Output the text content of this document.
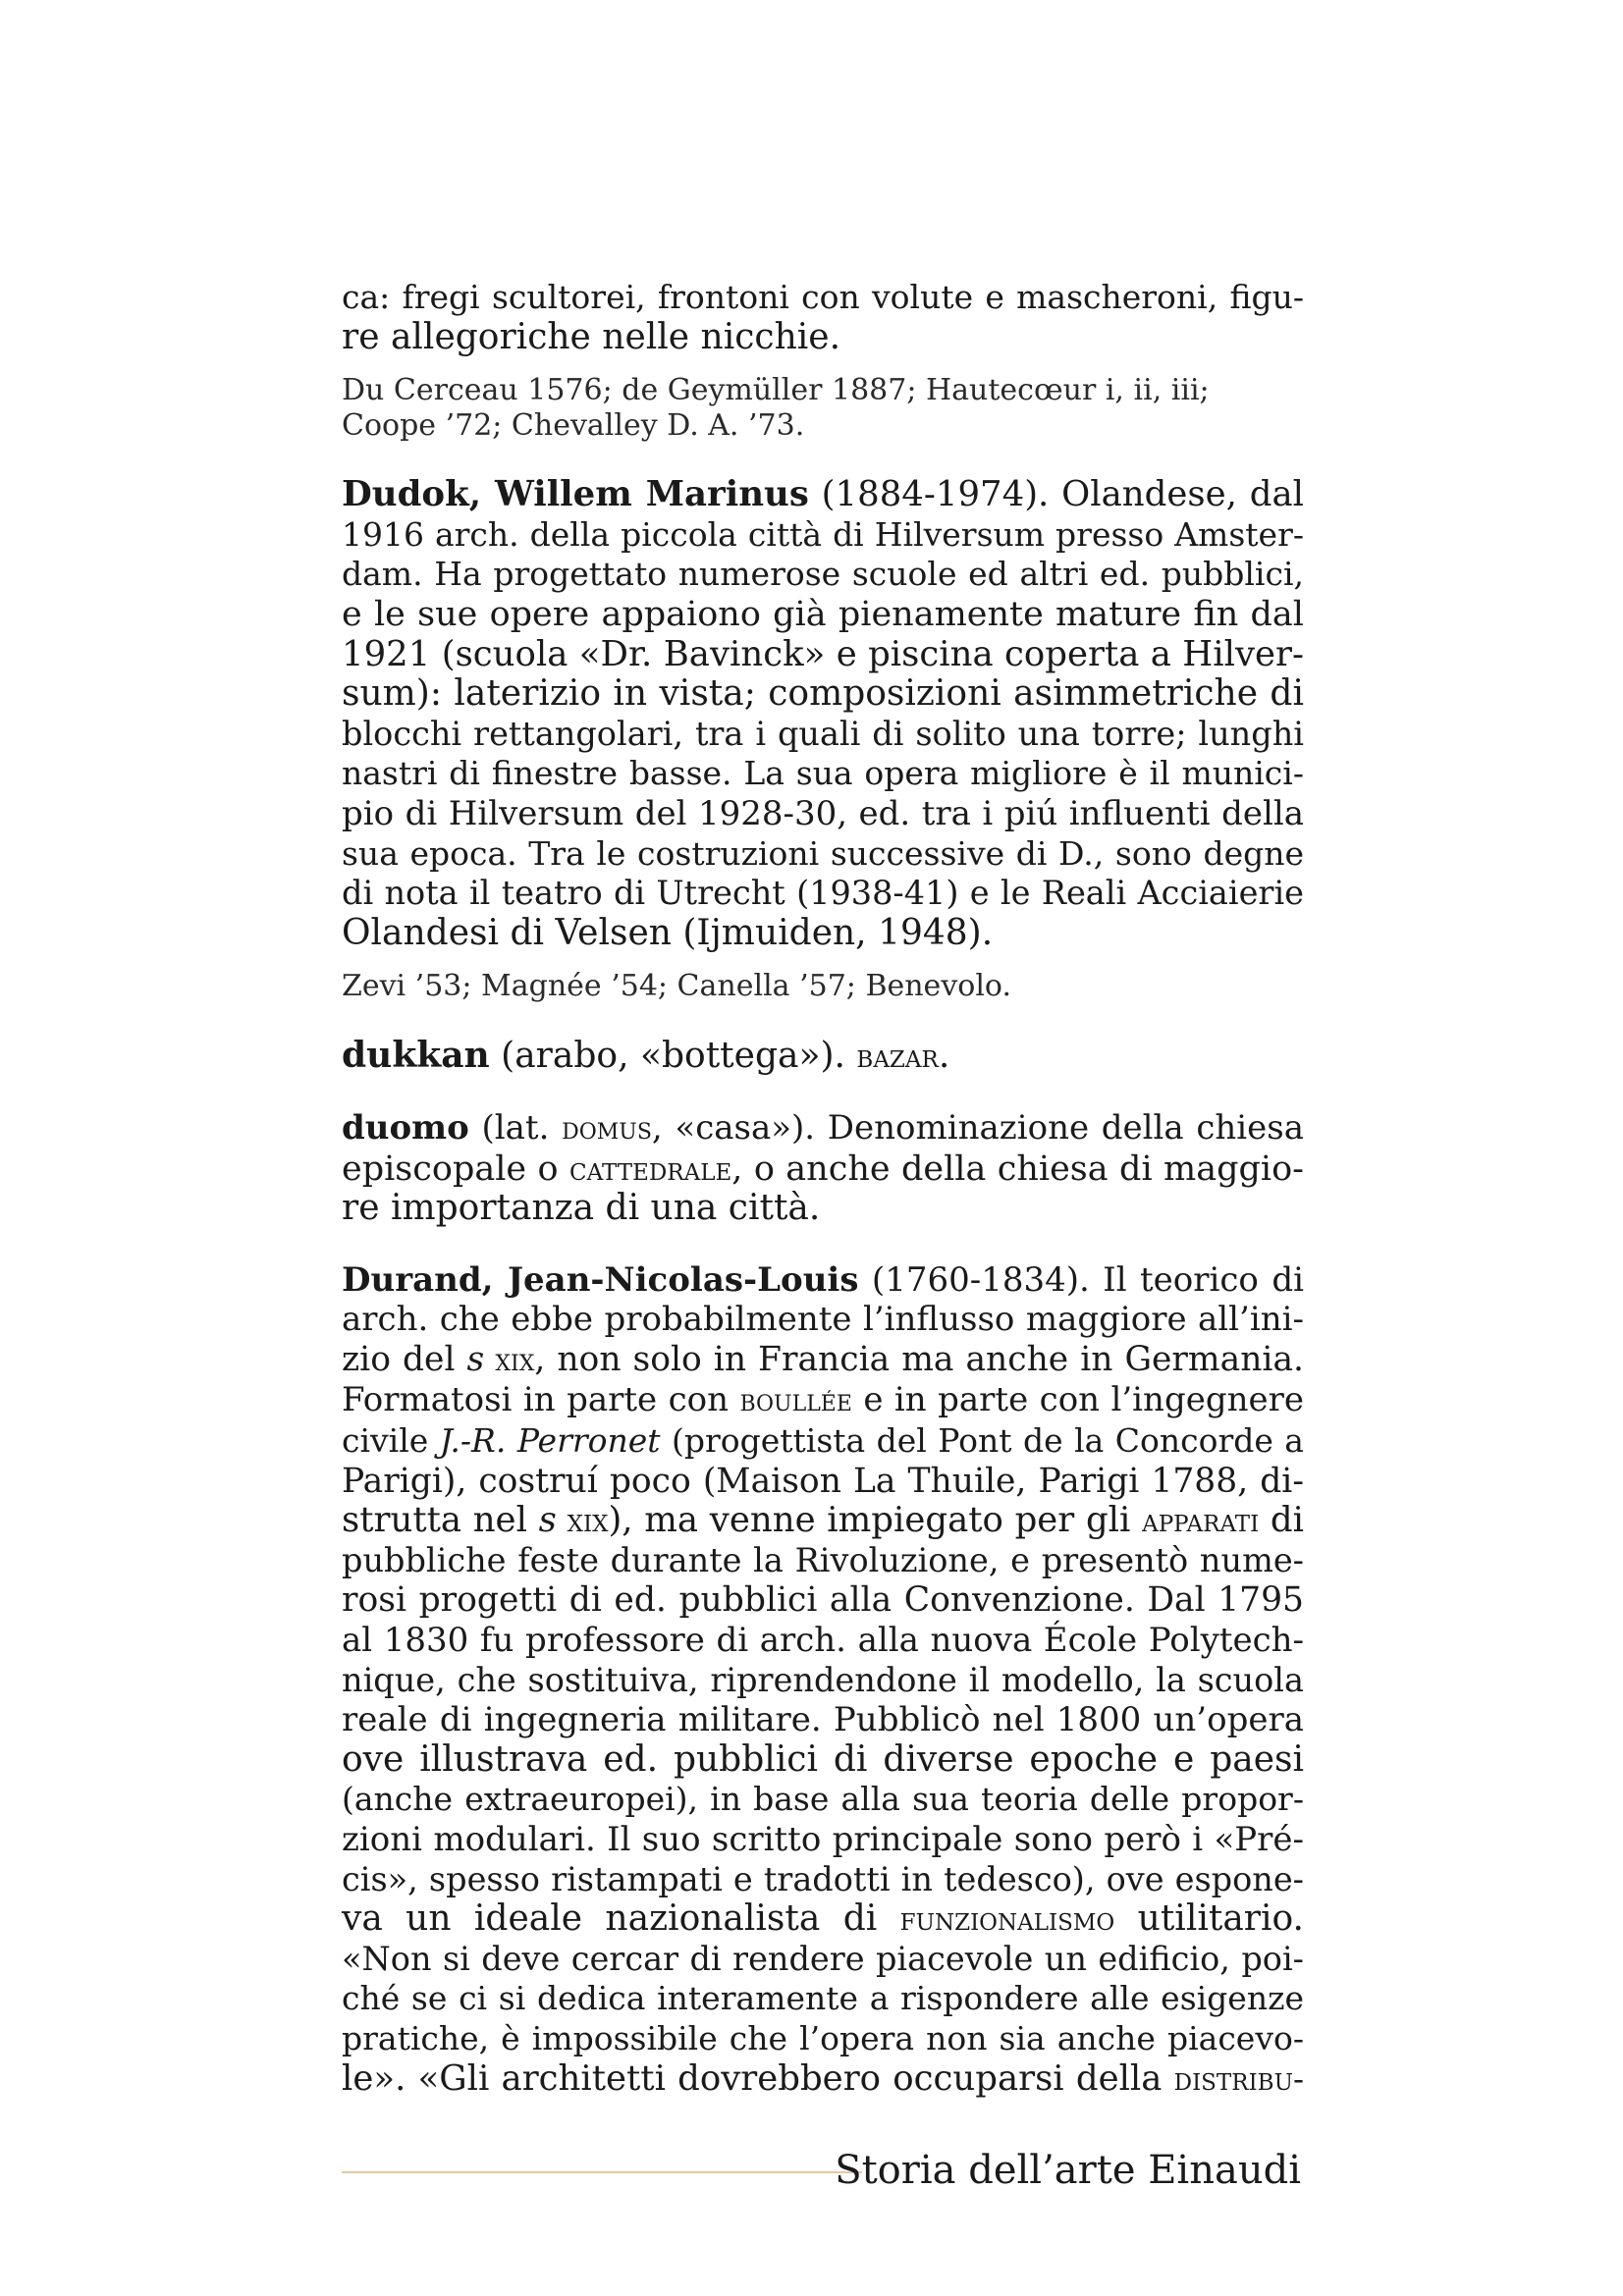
ca: fregi scultorei, frontoni con volute e mascheroni, figu-
re allegoriche nelle nicchie.

Du Cerceau 1576; de Geymüller 1887; Hautecœur i, ii, iii;
Coope ’72; Chevalley D. A. ’73.

Dudok, Willem Marinus (1884-1974). Olandese, dal
1916 arch. della piccola città di Hilversum presso Amster-
dam. Ha progettato numerose scuole ed altri ed. pubblici,
e le sue opere appaiono già pienamente mature fin dal
1921 (scuola «Dr. Bavinck» e piscina coperta a Hilver-
sum): laterizio in vista; composizioni asimmetriche di
blocchi rettangolari, tra i quali di solito una torre; lunghi
nastri di finestre basse. La sua opera migliore è il munici-
pio di Hilversum del 1928-30, ed. tra i piú influenti della
sua epoca. Tra le costruzioni successive di D., sono degne
di nota il teatro di Utrecht (1938-41) e le Reali Acciaierie
Olandesi di Velsen (Ijmuiden, 1948).

Zevi ’53; Magnée ’54; Canella ’57; Benevolo.

dukkan (arabo, «bottega»). bazar.

duomo (lat. domus, «casa»). Denominazione della chiesa
episcopale o cattedrale, o anche della chiesa di maggio-
re importanza di una città.

Durand, Jean-Nicolas-Louis (1760-1834). Il teorico di
arch. che ebbe probabilmente l’influsso maggiore all’ini-
zio del s xix, non solo in Francia ma anche in Germania.
Formatosi in parte con boullée e in parte con l’ingegnere
civile J.-R. Perronet (progettista del Pont de la Concorde a
Parigi), costruí poco (Maison La Thuile, Parigi 1788, di-
strutta nel s xix), ma venne impiegato per gli apparati di
pubbliche feste durante la Rivoluzione, e presentò nume-
rosi progetti di ed. pubblici alla Convenzione. Dal 1795
al 1830 fu professore di arch. alla nuova École Polytech-
nique, che sostituiva, riprendendone il modello, la scuola
reale di ingegneria militare. Pubblicò nel 1800 un’opera
ove illustrava ed. pubblici di diverse epoche e paesi
(anche extraeuropei), in base alla sua teoria delle propor-
zioni modulari. Il suo scritto principale sono però i «Pré-
cis», spesso ristampati e tradotti in tedesco), ove espone-
va un ideale nazionalista di funzionalismo utilitario.
«Non si deve cercar di rendere piacevole un edificio, poi-
ché se ci si dedica interamente a rispondere alle esigenze
pratiche, è impossibile che l’opera non sia anche piacevo-
le». «Gli architetti dovrebbero occuparsi della distribu-

Storia dell’arte Einaudi
